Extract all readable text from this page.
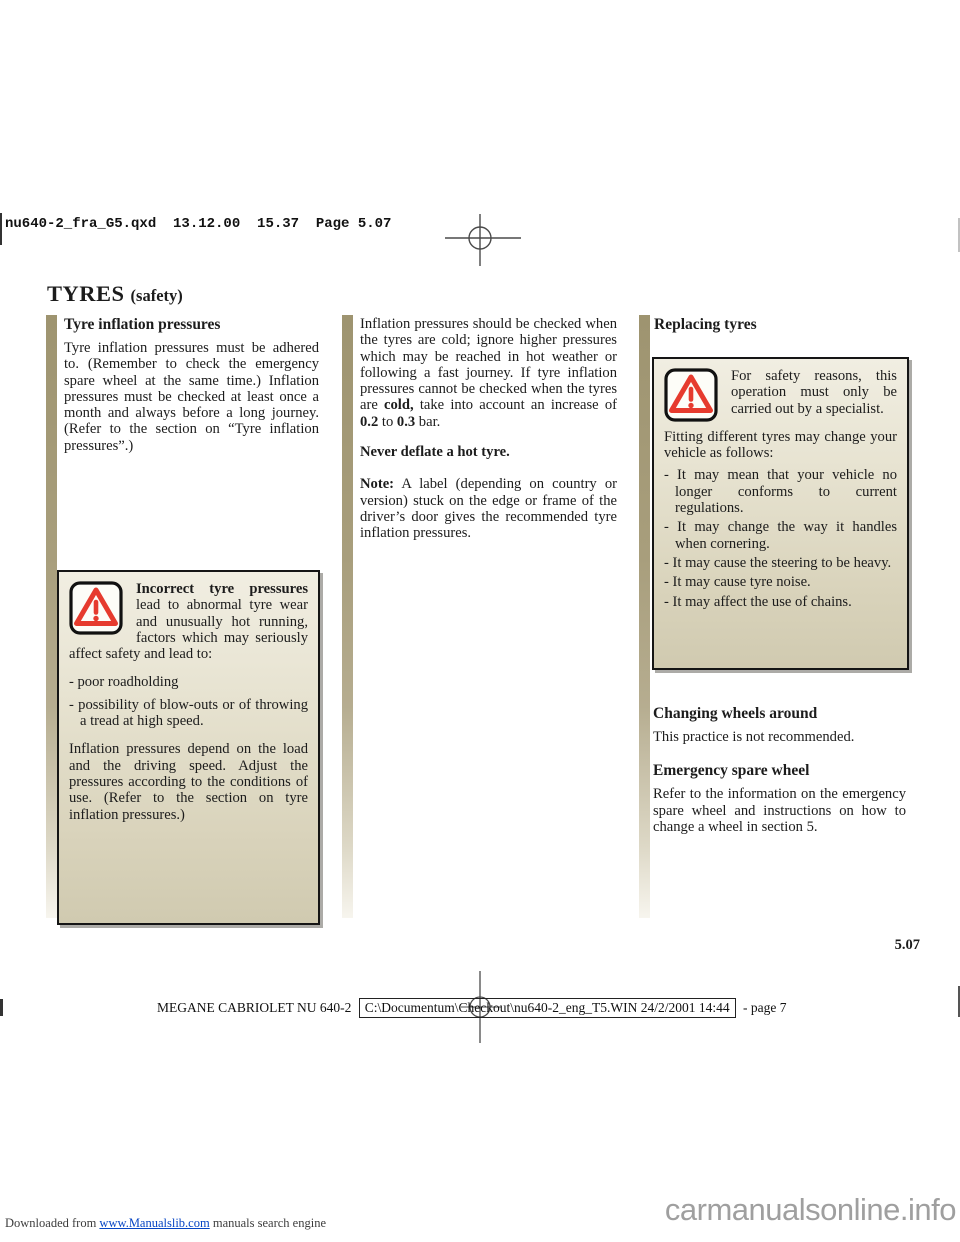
nu640-2_fra_G5.qxd  13.12.00  15.37  Page 5.07
TYRES (safety)
Tyre inflation pressures

Tyre inflation pressures must be adhered to. (Remember to check the emergency spare wheel at the same time.) Inflation pressures must be checked at least once a month and always before a long journey. (Refer to the section on “Tyre inflation pressures”.)

Inflation pressures should be checked when the tyres are cold; ignore higher pressures which may be reached in hot weather or following a fast journey. If tyre inflation pressures cannot be checked when the tyres are cold, take into account an increase of 0.2 to 0.3 bar.

Never deflate a hot tyre.

Note: A label (depending on country or version) stuck on the edge or frame of the driver’s door gives the recommended tyre inflation pressures.

Replacing tyres

For safety reasons, this operation must only be carried out by a specialist.

Fitting different tyres may change your vehicle as follows:

- It may mean that your vehicle no longer conforms to current regulations.
- It may change the way it handles when cornering.
- It may cause the steering to be heavy.
- It may cause tyre noise.
- It may affect the use of chains.

Incorrect tyre pressures lead to abnormal tyre wear and unusually hot running, factors which may seriously affect safety and lead to:

- poor roadholding
- possibility of blow-outs or of throwing a tread at high speed.

Inflation pressures depend on the load and the driving speed. Adjust the pressures according to the conditions of use. (Refer to the section on tyre inflation pressures.)

Changing wheels around

This practice is not recommended.

Emergency spare wheel

Refer to the information on the emergency spare wheel and instructions on how to change a wheel in section 5.

5.07
MEGANE CABRIOLET NU 640-2 C:\Documentum\Checkout\nu640-2_eng_T5.WIN 24/2/2001 14:44 - page 7
Downloaded from www.Manualslib.com manuals search engine	carmanualsonline.info
